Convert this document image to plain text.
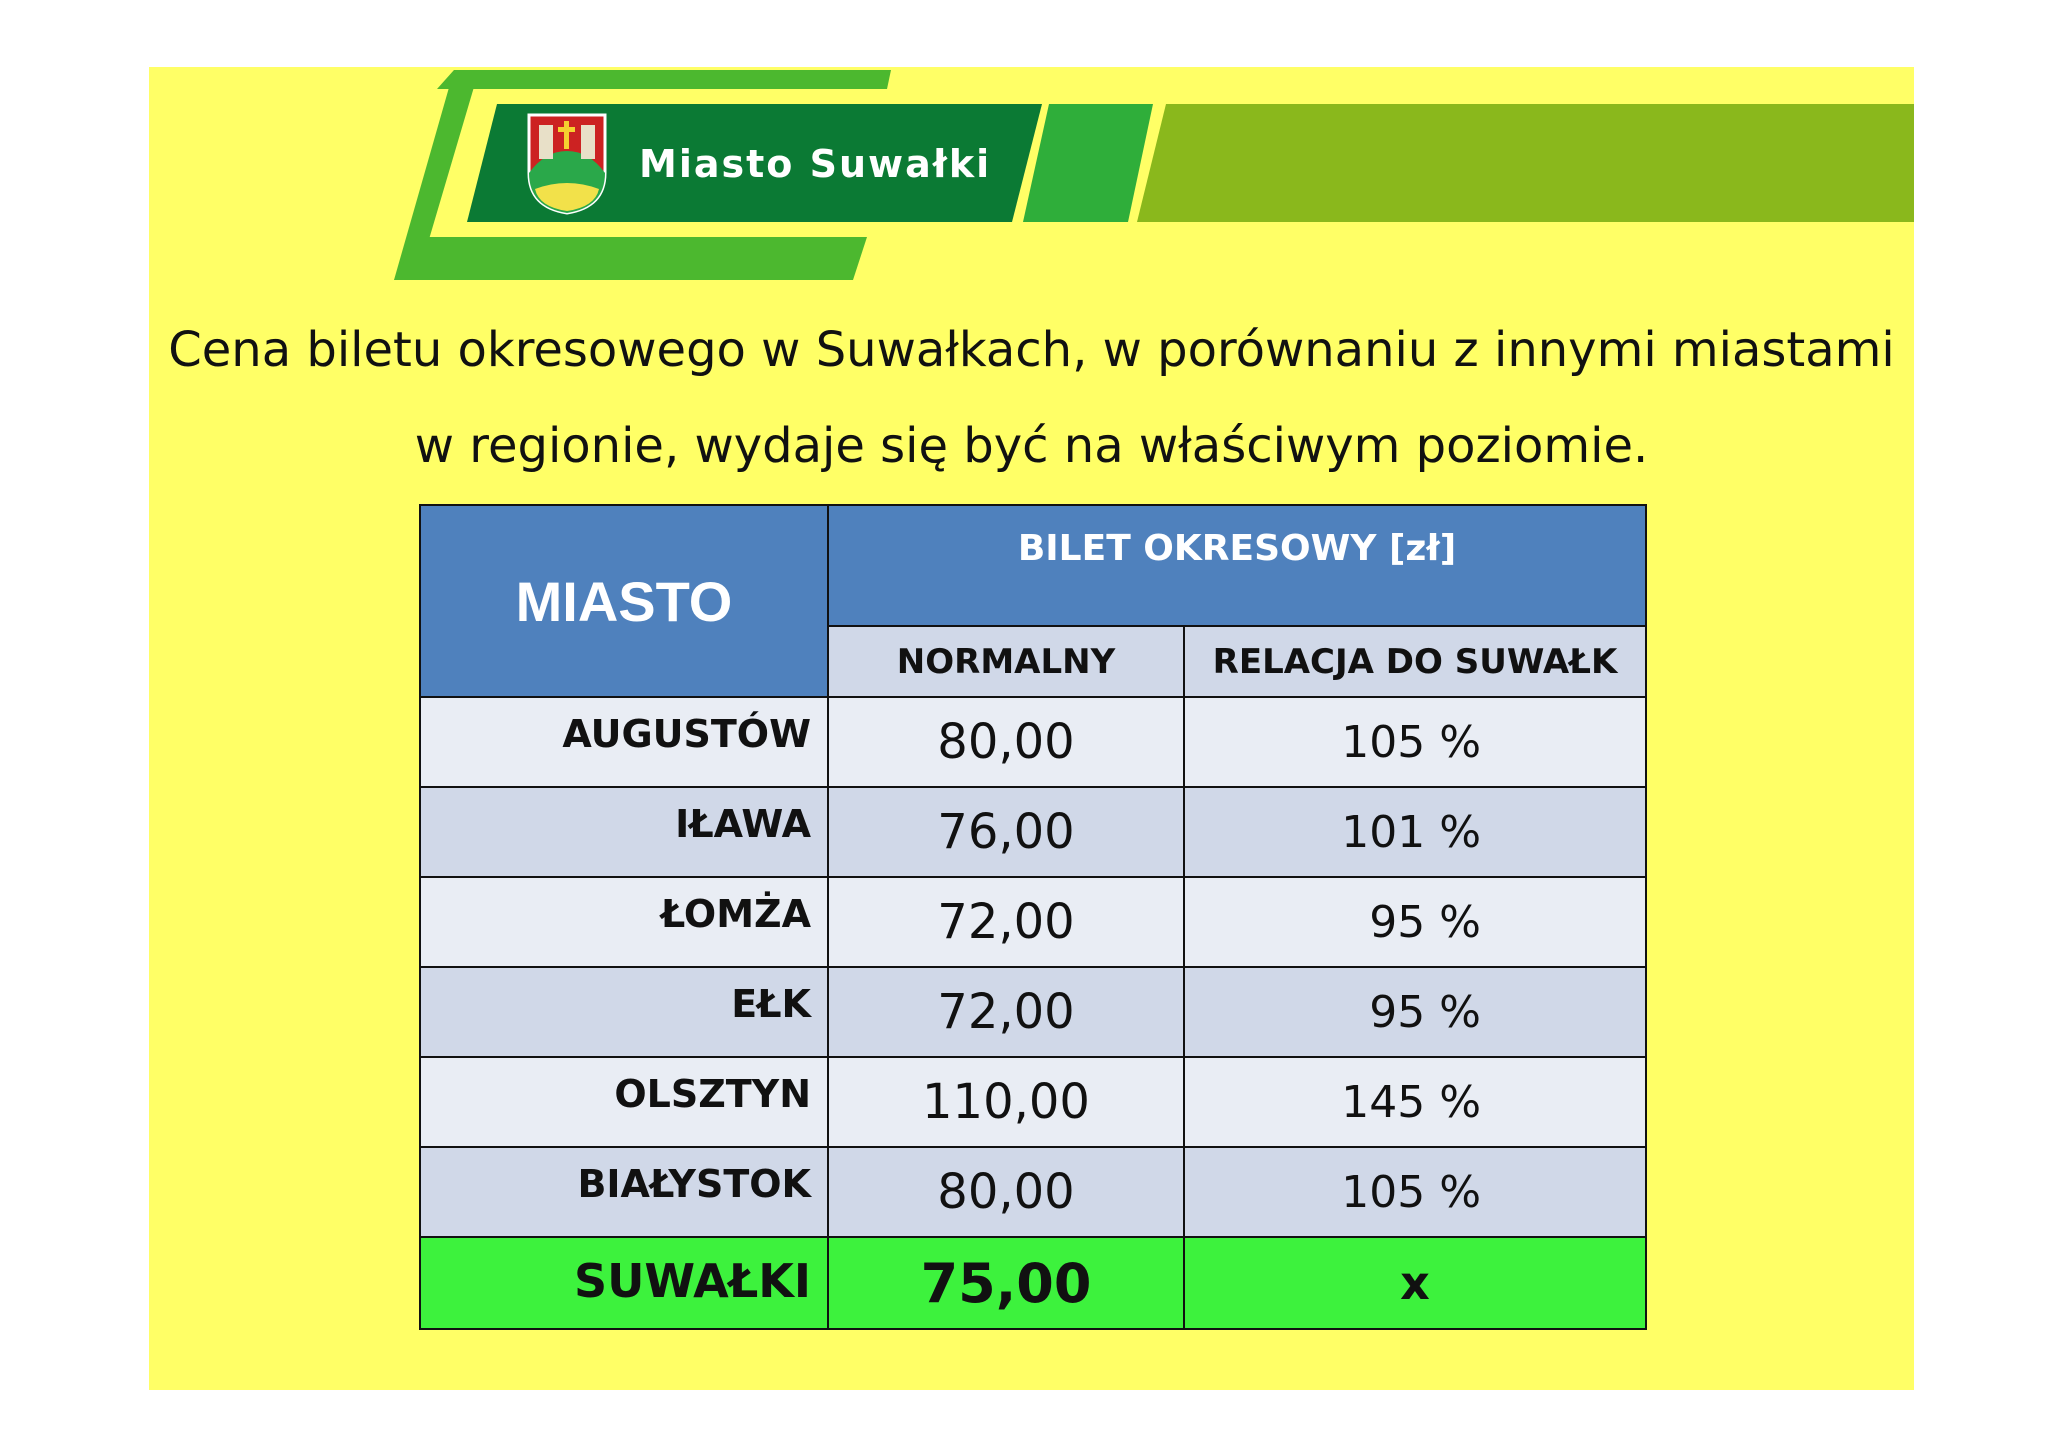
Miasto Suwałki
Cena biletu okresowego w Suwałkach, w porównaniu z innymi miastami
w regionie, wydaje się być na właściwym poziomie.
MIASTO	BILET OKRESOWY [zł]	
	NORMALNY	RELACJA DO SUWAŁK
AUGUSTÓW	80,00	105 %
IŁAWA	76,00	101 %
ŁOMŻA	72,00	95 %
EŁK	72,00	95 %
OLSZTYN	110,00	145 %
BIAŁYSTOK	80,00	105 %
SUWAŁKI	75,00	x
